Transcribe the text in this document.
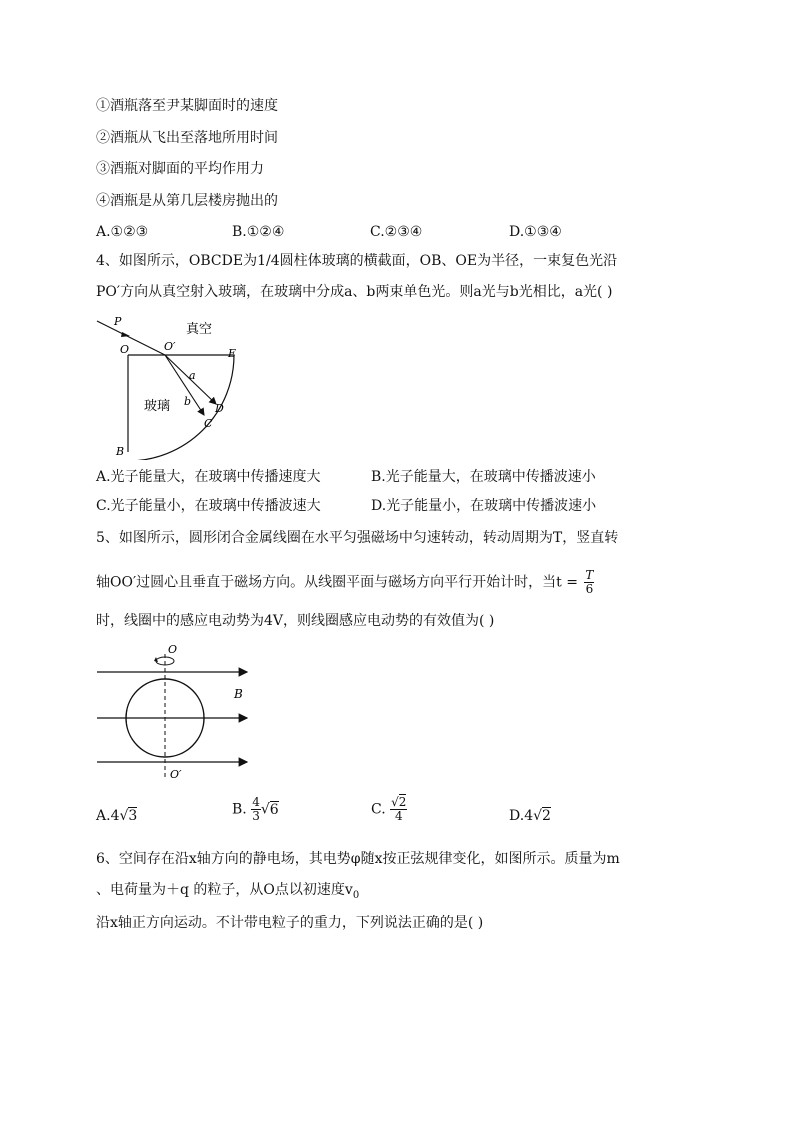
①酒瓶落至尹某脚面时的速度
②酒瓶从飞出至落地所用时间
③酒瓶对脚面的平均作用力
④酒瓶是从第几层楼房抛出的
A.①②③	B.①②④	C.②③④	D.①③④
4、如图所示，OBCDE为1/4圆柱体玻璃的横截面，OB、OE为半径，一束复色光沿
PO′方向从真空射入玻璃，在玻璃中分成a、b两束单色光。则a光与b光相比，a光( )
P
O	O′
E
a
b
D
C
B
真空
玻璃
A.光子能量大，在玻璃中传播速度大	B.光子能量大，在玻璃中传播波速小
C.光子能量小，在玻璃中传播波速大	D.光子能量小，在玻璃中传播波速小
5、如图所示，圆形闭合金属线圈在水平匀强磁场中匀速转动，转动周期为T，竖直转
轴OO′过圆心且垂直于磁场方向。从线圈平面与磁场方向平行开始计时，当$t = \frac{T}{6}$
时，线圈中的感应电动势为4V，则线圈感应电动势的有效值为( )
O
O′
B
A.4√3	B. $\frac{4}{3} √6$	C. $\frac{√2}{4}$	D.4√2
6、空间存在沿x轴方向的静电场，其电势φ随x按正弦规律变化，如图所示。质量为m
、电荷量为＋q 的粒子，从O点以初速度$v_0$
沿x轴正方向运动。不计带电粒子的重力，下列说法正确的是( )
